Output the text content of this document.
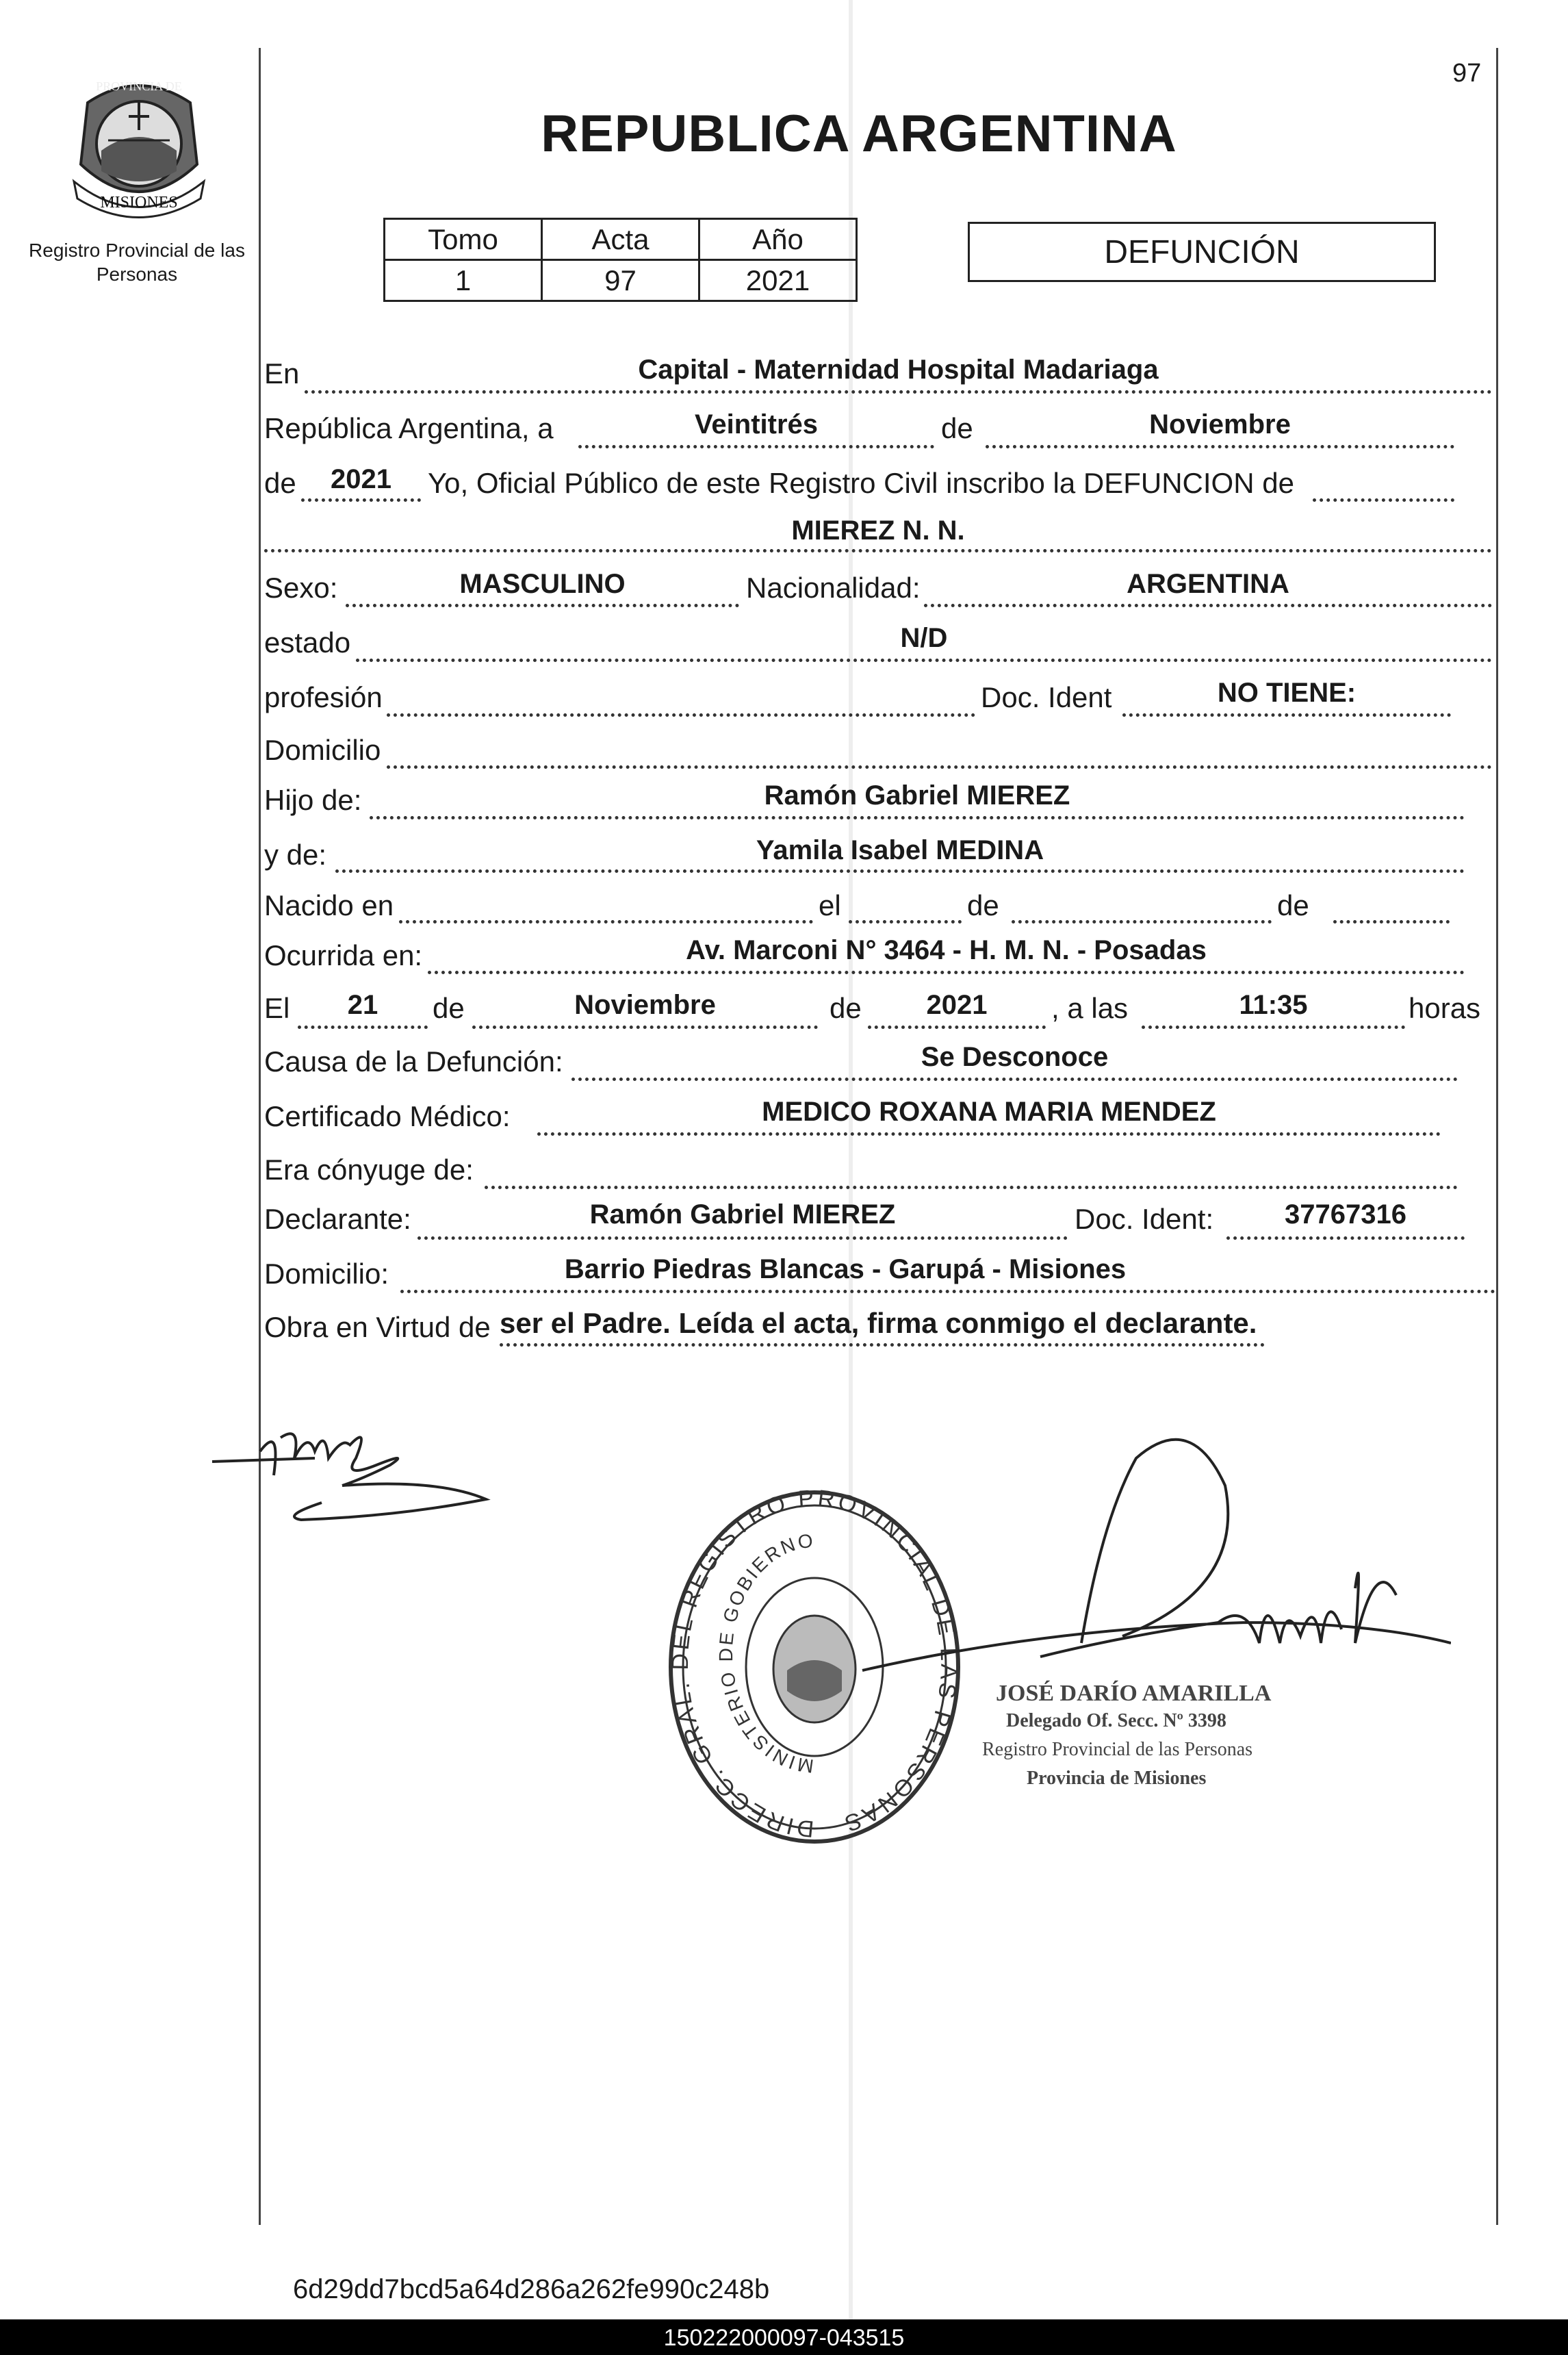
MISIONES
PROVINCIA DE
Registro Provincial de las Personas
97
REPUBLICA ARGENTINA
Tomo	Acta	Año
1	97	2021
DEFUNCIÓN
En	Capital - Maternidad Hospital Madariaga
República Argentina, a	Veintitrés	de	Noviembre
de	2021	Yo, Oficial Público de este Registro Civil inscribo la DEFUNCION de
MIEREZ N. N.
Sexo:	MASCULINO	Nacionalidad:	ARGENTINA
estado	N/D
profesión	Doc. Ident	NO TIENE:
Domicilio
Hijo de:	Ramón Gabriel MIEREZ
y de:	Yamila Isabel MEDINA
Nacido en	el	de	de
Ocurrida en:	Av. Marconi N° 3464 - H. M. N. - Posadas
El	21	de	Noviembre	de	2021	, a las	11:35	horas
Causa de la Defunción:	Se Desconoce
Certificado Médico:	MEDICO ROXANA MARIA MENDEZ
Era cónyuge de:
Declarante:	Ramón Gabriel MIEREZ	Doc. Ident:	37767316
Domicilio:	Barrio Piedras Blancas - Garupá - Misiones
Obra en Virtud de ser el Padre. Leída el acta, firma conmigo el declarante.
DIRECC. GRAL. DEL REGISTRO PROVINCIAL DE LAS PERSONAS
MINISTERIO DE GOBIERNO
JOSÉ DARÍO AMARILLA
Delegado Of. Secc. Nº 3398
Registro Provincial de las Personas
Provincia de Misiones
6d29dd7bcd5a64d286a262fe990c248b
150222000097-043515
